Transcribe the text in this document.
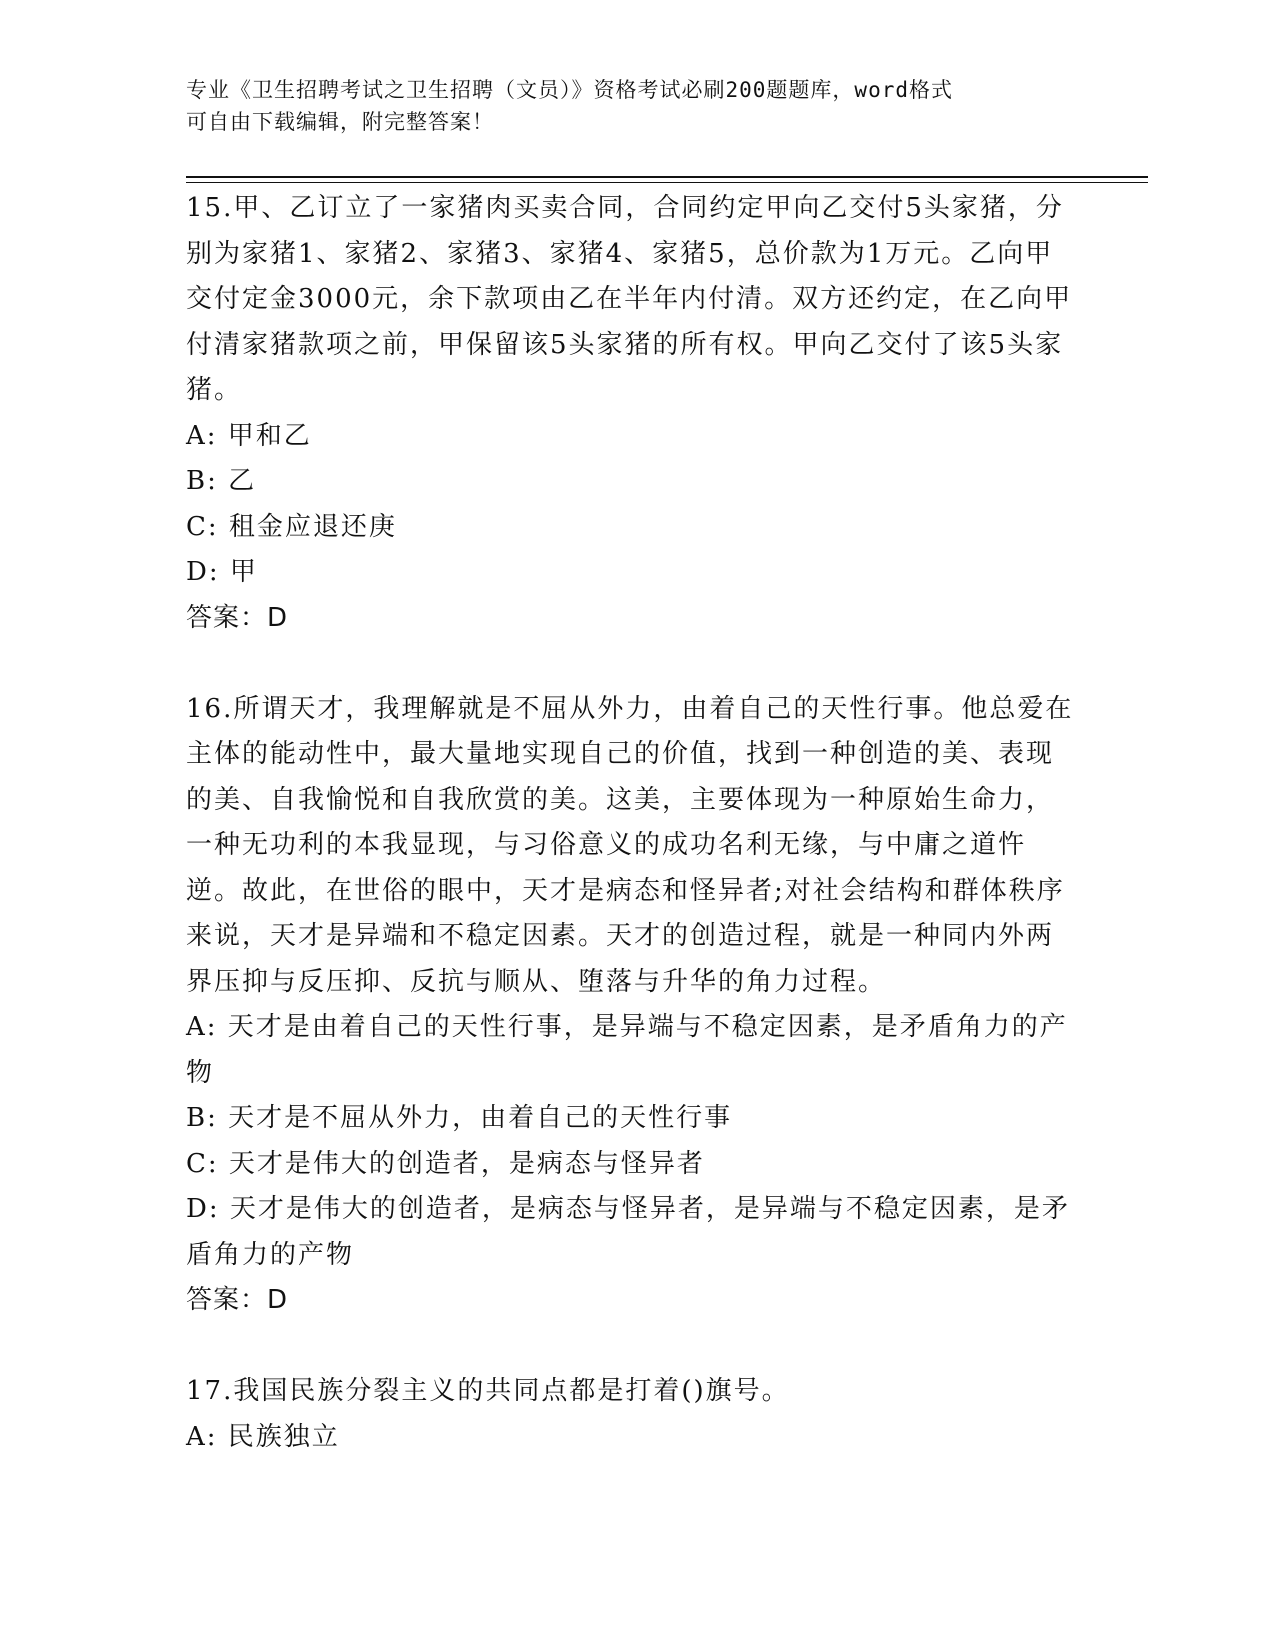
专业《卫生招聘考试之卫生招聘（文员）》资格考试必刷200题题库，word格式
可自由下载编辑，附完整答案！

15.甲、乙订立了一家猪肉买卖合同，合同约定甲向乙交付5头家猪，分别为家猪1、家猪2、家猪3、家猪4、家猪5，总价款为1万元。乙向甲交付定金3000元，余下款项由乙在半年内付清。双方还约定，在乙向甲付清家猪款项之前，甲保留该5头家猪的所有权。甲向乙交付了该5头家猪。

A: 甲和乙

B: 乙

C: 租金应退还庚

D: 甲

答案：D

16.所谓天才，我理解就是不屈从外力，由着自己的天性行事。他总爱在主体的能动性中，最大量地实现自己的价值，找到一种创造的美、表现的美、自我愉悦和自我欣赏的美。这美，主要体现为一种原始生命力，一种无功利的本我显现，与习俗意义的成功名利无缘，与中庸之道忤逆。故此，在世俗的眼中，天才是病态和怪异者;对社会结构和群体秩序来说，天才是异端和不稳定因素。天才的创造过程，就是一种同内外两界压抑与反压抑、反抗与顺从、堕落与升华的角力过程。

A: 天才是由着自己的天性行事，是异端与不稳定因素，是矛盾角力的产物

B: 天才是不屈从外力，由着自己的天性行事

C: 天才是伟大的创造者，是病态与怪异者

D: 天才是伟大的创造者，是病态与怪异者，是异端与不稳定因素，是矛盾角力的产物

答案：D

17.我国民族分裂主义的共同点都是打着()旗号。

A: 民族独立
